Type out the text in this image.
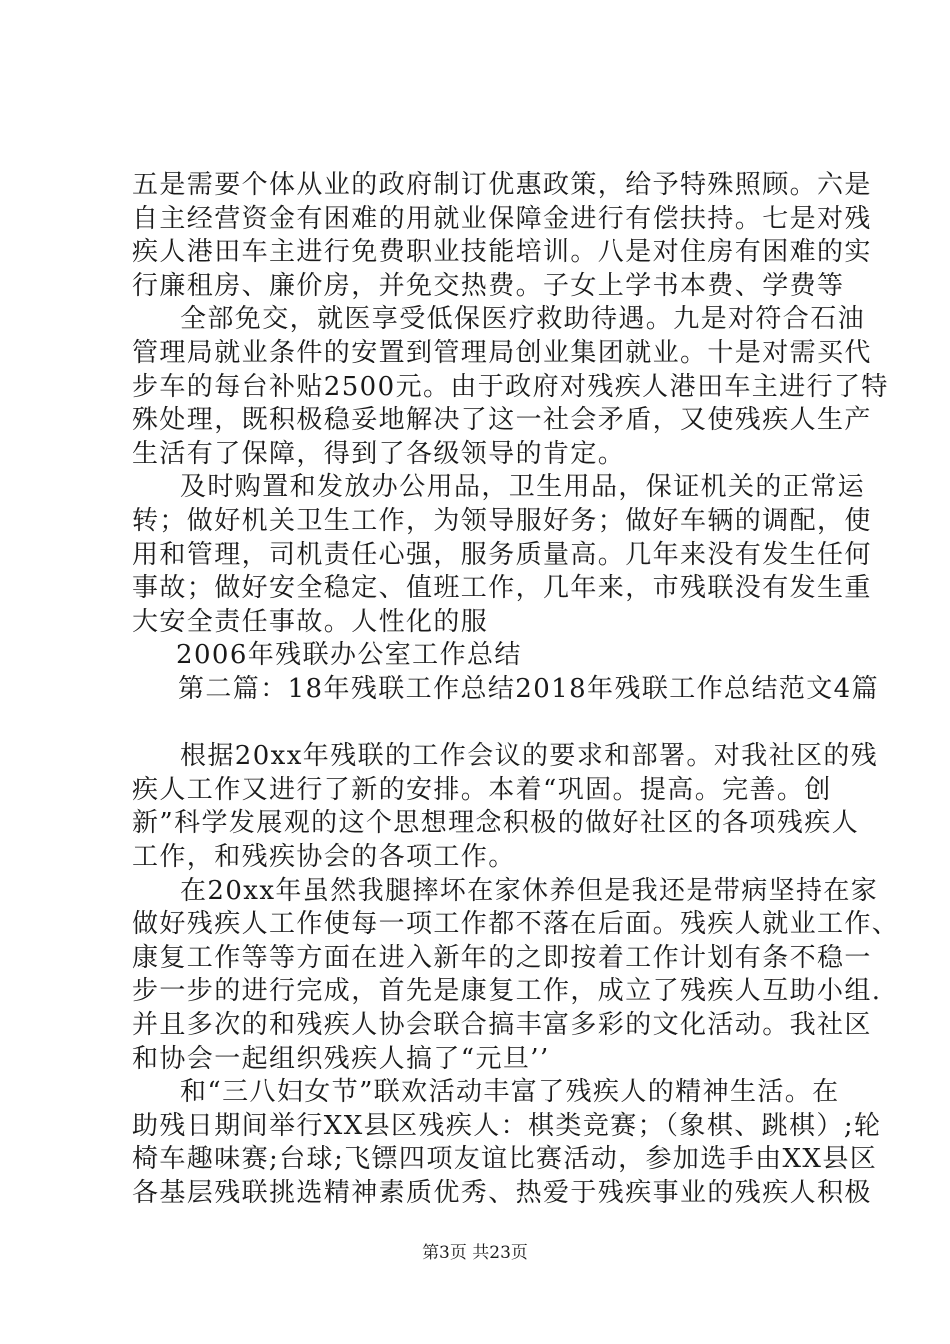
五是需要个体从业的政府制订优惠政策，给予特殊照顾。六是
自主经营资金有困难的用就业保障金进行有偿扶持。七是对残
疾人港田车主进行免费职业技能培训。八是对住房有困难的实
行廉租房、廉价房，并免交热费。子女上学书本费、学费等
全部免交，就医享受低保医疗救助待遇。九是对符合石油
管理局就业条件的安置到管理局创业集团就业。十是对需买代
步车的每台补贴2500元。由于政府对残疾人港田车主进行了特
殊处理，既积极稳妥地解决了这一社会矛盾，又使残疾人生产
生活有了保障，得到了各级领导的肯定。
及时购置和发放办公用品，卫生用品，保证机关的正常运
转；做好机关卫生工作，为领导服好务；做好车辆的调配，使
用和管理，司机责任心强，服务质量高。几年来没有发生任何
事故；做好安全稳定、值班工作，几年来，市残联没有发生重
大安全责任事故。人性化的服
2006年残联办公室工作总结
第二篇：18年残联工作总结2018年残联工作总结范文4篇
根据20xx年残联的工作会议的要求和部署。对我社区的残
疾人工作又进行了新的安排。本着“巩固。提高。完善。创
新”科学发展观的这个思想理念积极的做好社区的各项残疾人
工作，和残疾协会的各项工作。
在20xx年虽然我腿摔坏在家休养但是我还是带病坚持在家
做好残疾人工作使每一项工作都不落在后面。残疾人就业工作、
康复工作等等方面在进入新年的之即按着工作计划有条不稳一
步一步的进行完成，首先是康复工作，成立了残疾人互助小组.
并且多次的和残疾人协会联合搞丰富多彩的文化活动。我社区
和协会一起组织残疾人搞了“元旦’’
和“三八妇女节”联欢活动丰富了残疾人的精神生活。在
助残日期间举行XX县区残疾人：棋类竞赛；（象棋、跳棋）;轮
椅车趣味赛;台球;飞镖四项友谊比赛活动，参加选手由XX县区
各基层残联挑选精神素质优秀、热爱于残疾事业的残疾人积极
第3页 共23页
